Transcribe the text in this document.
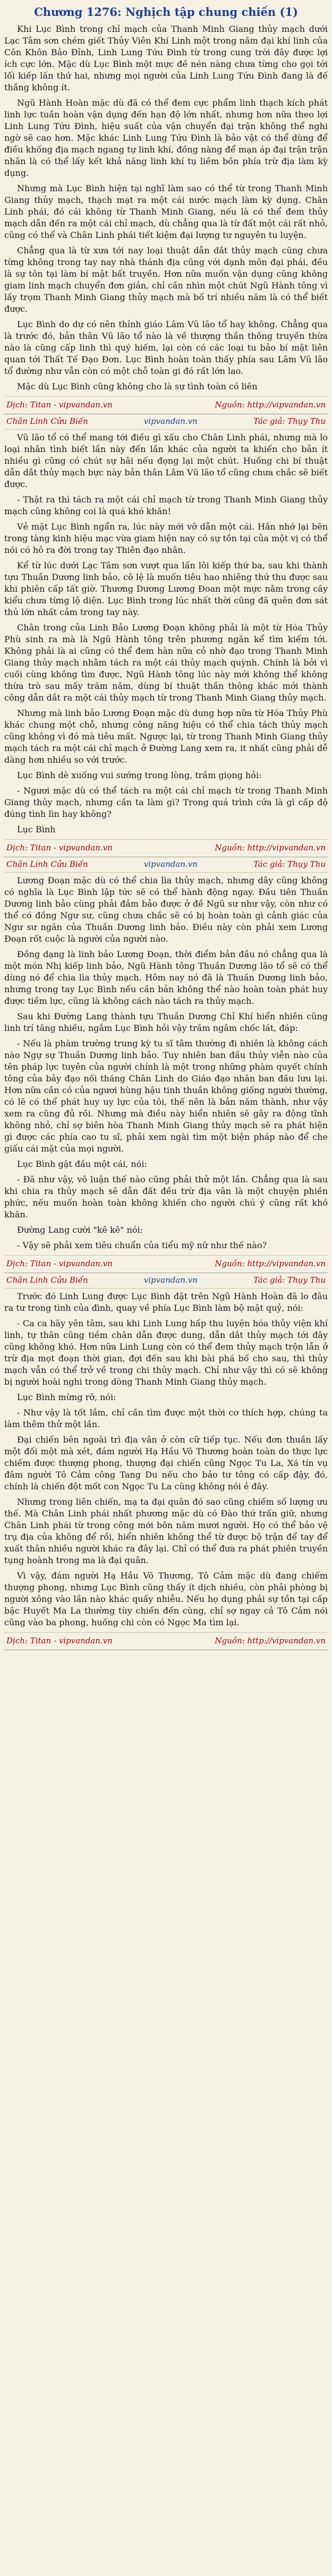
Chương 1276: Nghịch tập chung chiến (1)

Khi Lục Bình trong chỉ mạch của Thanh Minh Giang thủy mạch dưới Lạc Tâm sơn chém giết Thủy Viên Khí Linh một trong năm đại khí linh của Côn Khôn Bảo Đỉnh, Linh Lung Tứu Đình từ trong cung trời đây được lợi ích cực lớn. Mặc dù Lục Bình một mực đề nén nàng chưa từng cho gọi tới lối kiếp lấn thứ hai, nhưng mọi người của Linh Lung Tứu Đình đang là đế thắng không ít.

Ngũ Hành Hoàn mặc dù đã có thể đem cực phẩm linh thạch kích phát linh lực tuần hoàn vận dụng đến hạn độ lớn nhất, nhưng hơn nữa theo lợi Linh Lung Tứu Đình, hiệu suất của vận chuyển đại trận không thể nghi ngờ sẽ cao hơn. Mặc khác Linh Lung Tứu Đình là bảo vật có thể dùng để điều khống địa mạch ngang tự linh khí, đồng nàng để mạn áp đại trận trận nhân là có thể lấy kết khả năng linh khí tụ liềm bồn phía trừ địa làm kỳ dụng.

Nhưng mà Lục Bình hiện tại nghĩ làm sao có thể từ trong Thanh Minh Giang thủy mạch, thạch mạt ra một cái nước mạch làm kỳ dụng. Chân Linh phái, đó cái không từ Thanh Minh Giang, nếu là có thể đem thủy mạch dẫn đến ra một cái chỉ mạch, dù chẳng qua là từ đất một cái rất nhỏ, cũng có thể và Chân Linh phái tiết kiệm đại lượng tư nguyên tu luyện.

Chẳng qua là từ xưa tới nay loại thuật dẫn dắt thủy mạch cũng chưa từng không trong tay nay nhà thánh địa cũng với dạnh môn đại phái, đều là sự tôn tại làm bí mật bất truyền. Hơn nữa muốn vận dụng cũng không giam linh mạch chuyển đơn giản, chỉ cần nhìn một chút Ngũ Hành tông vì lấy trọm Thanh Minh Giang thủy mạch mà bố trí nhiều năm là có thể biết được.

Lục Bình do dự có nên thỉnh giáo Lâm Vũ lão tổ hay không. Chẳng qua là trước đó, bản thân Vũ lão tổ nào là về thượng thần thông truyền thừa nào là cũng cấp linh thì quý hiếm, lại còn có các loại tu bảo bí mật liên quan tới Thất Tế Đạo Đơn. Lục Bình hoàn toàn thấy phía sau Lâm Vũ lão tổ đường như vẫn còn có một chỗ toàn gi đó rất lớn lao.

Mặc dù Lục Bình cũng không cho là sự tình toàn có liên

Dịch: Titan - vipvandan.vn	Nguồn: http://vipvandan.vn
Chân Linh Cửu Biến	vipvandan.vn	Tác giả: Thụy Thu

Vũ lão tổ có thể mang tới điều gì xấu cho Chân Linh phái, nhưng mà lo loại nhân tình biết lần này đến lần khác của người ta khiến cho bản ít nhiều gì cũng có chút sự hãi nếu đọng lại một chút. Huống chi bí thuật dẫn dắt thủy mạch bực này bản thân Lâm Vũ lão tổ cũng chưa chắc sẽ biết được.

- Thật ra thì tách ra một cái chỉ mạch từ trong Thanh Minh Giang thủy mạch cũng không coi là quá khó khăn!

Vẻ mặt Lục Bình ngẩn ra, lúc này mới vỡ dẫn một cái. Hắn nhớ lại bên trong tàng kinh hiệu mạc vừa giam hiện nay có sự tồn tại của một vị có thể nói có hô ra đời trong tay Thiên đạo nhân.

Kể từ lúc dưới Lạc Tâm sơn vượt qua lấn lôi kiếp thứ ba, sau khi thành tựu Thuần Dương linh bảo, cô lệ là muốn tiêu hao nhiêng thứ thu được sau khi phiên cấp tất giờ. Thương Dương Lương Đoan một mực nằm trong cây kiểu chưa từng lộ diện. Lục Bình trong lúc nhất thời cũng đã quên đơn sát thủ lớn nhất cảm trong tay này.

Chân trong của Linh Bảo Lương Đoạn không phải là một từ Hóa Thủy Phù sinh ra mà là Ngũ Hành tông trên phương ngăn kể tìm kiếm tới. Không phải là ai cũng có thể đem hàn nữa cỏ nhờ đạo trong Thanh Minh Giang thủy mạch nhằm tách ra một cái thủy mạch quỳnh. Chính là bởi vì cuối cùng không tìm được, Ngũ Hành tông lúc này mới không thể không thừa trò sau mấy trăm năm, dùng bí thuật thần thông khác mới thành công dẫn dắt ra một cái thủy mạch từ trong Thanh Minh Giang thủy mạch.

Nhưng mà linh bảo Lương Đoạn mặc dù dung hợp nữa từ Hóa Thủy Phù khác chung một chỗ, nhưng công năng hiệu có thể chia tách thủy mạch cũng không vì đó mà tiêu mất. Ngược lại, từ trong Thanh Minh Giang thủy mạch tách ra một cái chỉ mạch ở Đường Lang xem ra, it nhất cũng phải dễ dàng hơn nhiều so với trước.

Lục Bình dè xuống vui sướng trong lòng, trầm giọng hỏi:

- Ngươi mặc dù có thể tách ra một cái chỉ mạch từ trong Thanh Minh Giang thủy mạch, nhưng cần ta làm gì? Trong quá trình cứa là gì cấp độ đúng tình lìn hay không?

Lục Bình

Dịch: Titan - vipvandan.vn	Nguồn: http://vipvandan.vn
Chân Linh Cửu Biến	vipvandan.vn	Tác giả: Thụy Thu

Lương Đoạn mặc dù có thể chia lìa thủy mạch, nhưng dây cũng không có nghĩa là Lục Bình lập tức sẽ có thể hành động ngay. Đầu tiên Thuần Dương linh bảo cùng phải đảm bảo được ở đề Ngũ sư như vậy, còn như có thể có đồng Ngư sư, cũng chưa chắc sẽ có bị hoàn toàn gì cảnh giác của Ngư sư ngăn của Thuần Dương linh bảo. Điều này còn phải xem Lương Đoạn rốt cuộc là người của người nào.

Đồng dạng là linh bảo Lương Đoạn, thời điểm bản đầu nó chẳng qua là một món Nhị kiếp linh bảo, Ngũ Hành tông Thuần Dương lão tổ sẽ có thể dùng nó để chia lìa thủy mạch. Hôm nay nó đã là Thuần Dương linh bảo, nhưng trong tay Lục Bình nếu cần bản không thể nào hoàn toàn phát huy được tiềm lực, cũng là không cách nào tách ra thủy mạch.

Sau khi Đường Lang thành tựu Thuần Dương Chỉ Khí hiển nhiên cũng linh trí tăng nhiều, ngắm Lục Bình hỏi vậy trầm ngâm chốc lát, đáp:

- Nếu là phàm trường trung kỳ tu sĩ tâm thường đi nhiên là không cách nào Ngự sự Thuần Dương linh bảo. Tuy nhiên ban đầu thủy viễn nào của tên pháp lực tuyên của người chính là một trong những phàm quyết chính tông của bảy đạo nối tháng Chân Linh do Giáo đạo nhân ban đầu lưu lại. Hơn nữa cần có của ngươi hùng hậu tinh thuần không giống người thường, có lẽ có thể phát huy uy lực của tôi, thế nên là bản năm thành, như vậy xem ra cũng đủ rồi. Nhưng mà điều này hiển nhiên sẽ gây ra động tĩnh không nhỏ, chỉ sợ biên hòa Thanh Minh Giang thủy mạch sẽ ra phát hiện gì được các phía cao tu sĩ, phải xem ngài tìm một biện pháp nào để che giấu cái mặt của mọi người.

Lục Bình gật đầu một cái, nói:

- Đã như vậy, vô luận thế nào cũng phải thử một lần. Chẳng qua là sau khi chia ra thủy mạch sẽ dẫn đất đều trừ địa vân là một chuyện phiền phức, nếu muốn hoàn toàn không khiến cho người chú ý cũng rất khó khăn.

Đường Lang cười "kê kê" nói:

- Vậy sẽ phải xem tiêu chuẩn của tiểu mỹ nữ như thế nào?

Dịch: Titan - vipvandan.vn	Nguồn: http://vipvandan.vn
Chân Linh Cửu Biến	vipvandan.vn	Tác giả: Thụy Thu

Trước đó Linh Lung được Lục Bình đặt trên Ngũ Hành Hoàn đã lo đâu ra tư trong tình của đình, quay về phía Lục Bình làm bộ mặt quỷ, nói:

- Ca ca hãy yên tâm, sau khi Linh Lung hấp thu luyện hóa thủy viện khí linh, tự thân cũng tiềm chân dẫn được dung, dẫn dắt thủy mạch tới đây cũng không khó. Hơn nữa Linh Lung còn có thể đem thủy mạch trộn lẫn ở trừ địa mọt đoạn thời gian, đợi đến sau khi bài phá bố cho sau, thì thủy mạch vẫn có thể trở về trong chi thủy mạch. Chỉ như vậy thì có sẽ không bị người hoài nghi trong dòng Thanh Minh Giang thủy mạch.

Lục Bình mừng rỡ, nói:

- Như vậy là tốt lắm, chỉ cần tìm được một thời cơ thích hợp, chúng ta làm thêm thử một lần.

Đại chiến bên ngoài trì địa vân ở còn cữ tiếp tục. Nếu đơn thuần lấy một đối một mà xét, đám người Hạ Hầu Võ Thương hoàn toàn do thực lực chiếm được thượng phong, thượng đại chiến cũng Ngọc Tu La, Xá tín vụ đâm người Tô Cảm công Tang Du nếu cho bảo tư tông có cấp đậy, đó, chính là chiến đột mốt con Ngọc Tu La cũng không nói ẻ đây.

Nhưng trong liên chiến, mạ ta đại quân đó sao cũng chiếm số lượng ưu thế. Mà Chân Linh phái nhất phương mặc dù có Đào thứ trấn giữ, nhưng Chân Linh phái từ trong công mới bôn năm mươi người. Họ có thể bảo vệ trụ địa của không để rồi, hiển nhiên không thể từ được bộ trận để tay để xuất thân nhiều người khác ra đây lại. Chỉ có thể đưa ra phát phiên truyền tụng hoành trong ma là đại quân.

Vì vậy, đám người Hạ Hầu Võ Thương, Tô Cảm mặc dù đang chiếm thượng phong, nhưng Lục Bình cũng thấy ít dịch nhiều, còn phải phòng bị người xông vào lần nào khác quấy nhiễu. Nếu họ dụng phải sự tồn tại cấp bậc Huyết Ma La thường tùy chiến đến cùng, chỉ sợ ngay cả Tô Cảm nói cũng vào ba phong, huống chi còn có Ngọc Ma tìm lại.

Dịch: Titan - vipvandan.vn	Nguồn: http://vipvandan.vn
